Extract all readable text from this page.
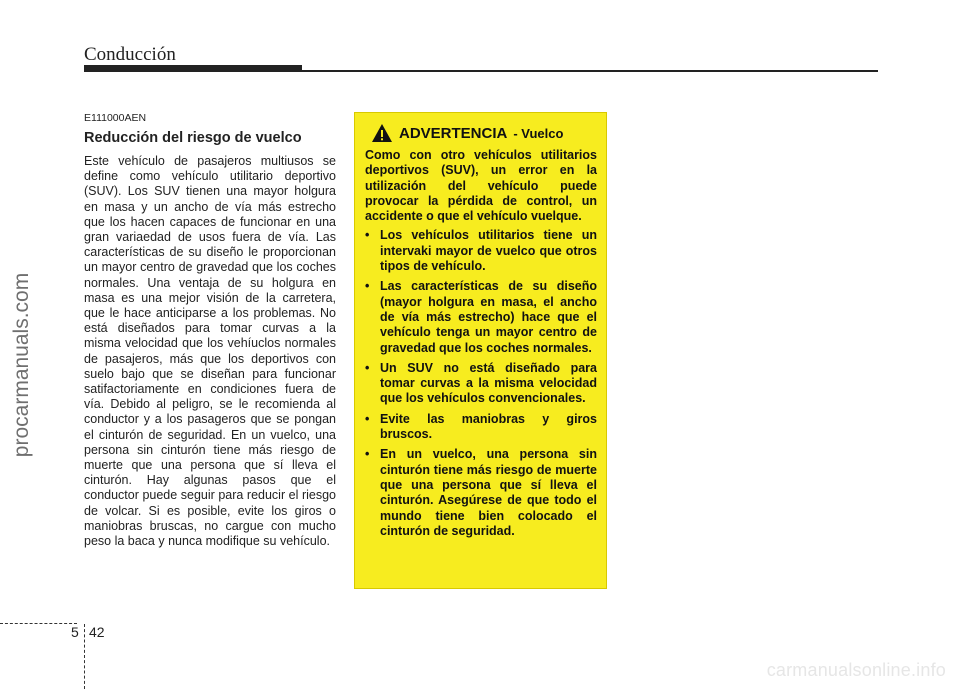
Conducción
procarmanuals.com
E111000AEN
Reducción del riesgo de vuelco
Este vehículo de pasajeros multiusos se define como vehículo utilitario deportivo (SUV). Los SUV tienen una mayor holgura en masa y un ancho de vía más estrecho que los hacen capaces de funcionar en una gran variaedad de usos fuera de vía. Las características de su diseño le proporcionan un mayor centro de gravedad que los coches normales. Una ventaja de su holgura en masa es una mejor visión de la carretera, que le hace anticiparse a los problemas. No está diseñados para tomar curvas a la misma velocidad que los vehíuclos normales de pasajeros, más que los deportivos con suelo bajo que se diseñan para funcionar satifactoriamente en condiciones fuera de vía. Debido al peligro, se le recomienda al conductor y a los pasageros que se pongan el cinturón de seguridad. En un vuelco, una persona sin cinturón tiene más riesgo de muerte que una persona que sí lleva el cinturón. Hay algunas pasos que el conductor puede seguir para reducir el riesgo de volcar. Si es posible, evite los giros o maniobras bruscas, no cargue con mucho peso la baca y nunca modifique su vehículo.
ADVERTENCIA - Vuelco
Como con otro vehículos utilitarios deportivos (SUV), un error en la utilización del vehículo puede provocar la pérdida de control, un accidente o que el vehículo vuelque.
• Los vehículos utilitarios tiene un intervaki mayor de vuelco que otros tipos de vehículo.
• Las características de su diseño (mayor holgura en masa, el ancho de vía más estrecho) hace que el vehículo tenga un mayor centro de gravedad que los coches normales.
• Un SUV no está diseñado para tomar curvas a la misma velocidad que los vehículos convencionales.
• Evite las maniobras y giros bruscos.
• En un vuelco, una persona sin cinturón tiene más riesgo de muerte que una persona que sí lleva el cinturón. Asegúrese de que todo el mundo tiene bien colocado el cinturón de seguridad.
5 42
carmanualsonline.info
